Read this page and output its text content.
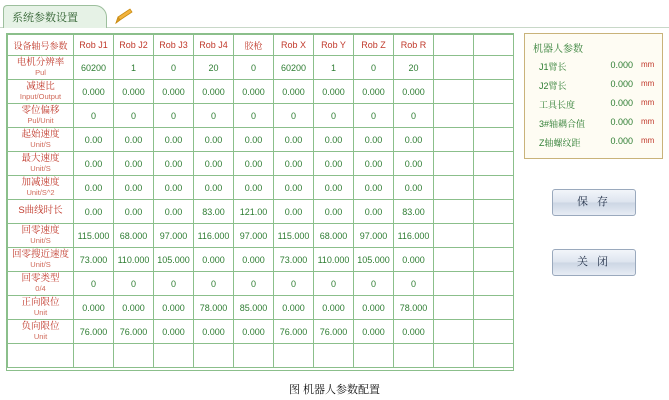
系统参数设置
设备轴号参数	Rob J1	Rob J2	Rob J3	Rob J4	胶枪	Rob X	Rob Y	Rob Z	Rob R			

电机分辨率
Pul	60200	1	0	20	0	60200	1	0	20			

减速比
Input/Output	0.000	0.000	0.000	0.000	0.000	0.000	0.000	0.000	0.000			

零位偏移
Pul/Unit	0	0	0	0	0	0	0	0	0			

起始速度
Unit/S	0.00	0.00	0.00	0.00	0.00	0.00	0.00	0.00	0.00			

最大速度
Unit/S	0.00	0.00	0.00	0.00	0.00	0.00	0.00	0.00	0.00			

加减速度
Unit/S^2	0.00	0.00	0.00	0.00	0.00	0.00	0.00	0.00	0.00			

S曲线时长	0.00	0.00	0.00	83.00	121.00	0.00	0.00	0.00	83.00			

回零速度
Unit/S	115.000	68.000	97.000	116.000	97.000	115.000	68.000	97.000	116.000			

回零搜近速度
Unit/S	73.000	110.000	105.000	0.000	0.000	73.000	110.000	105.000	0.000			

回零类型
0/4	0	0	0	0	0	0	0	0	0			

正向限位
Unit	0.000	0.000	0.000	78.000	85.000	0.000	0.000	0.000	78.000			

负向限位
Unit	76.000	76.000	0.000	0.000	0.000	76.000	76.000	0.000	0.000			

机器人参数
J1臂长	0.000 mm
J2臂长	0.000 mm
工具长度	0.000 mm
3#轴耦合值	0.000 mm
Z轴螺纹距	0.000 mm
保 存
关 闭
图 机器人参数配置
